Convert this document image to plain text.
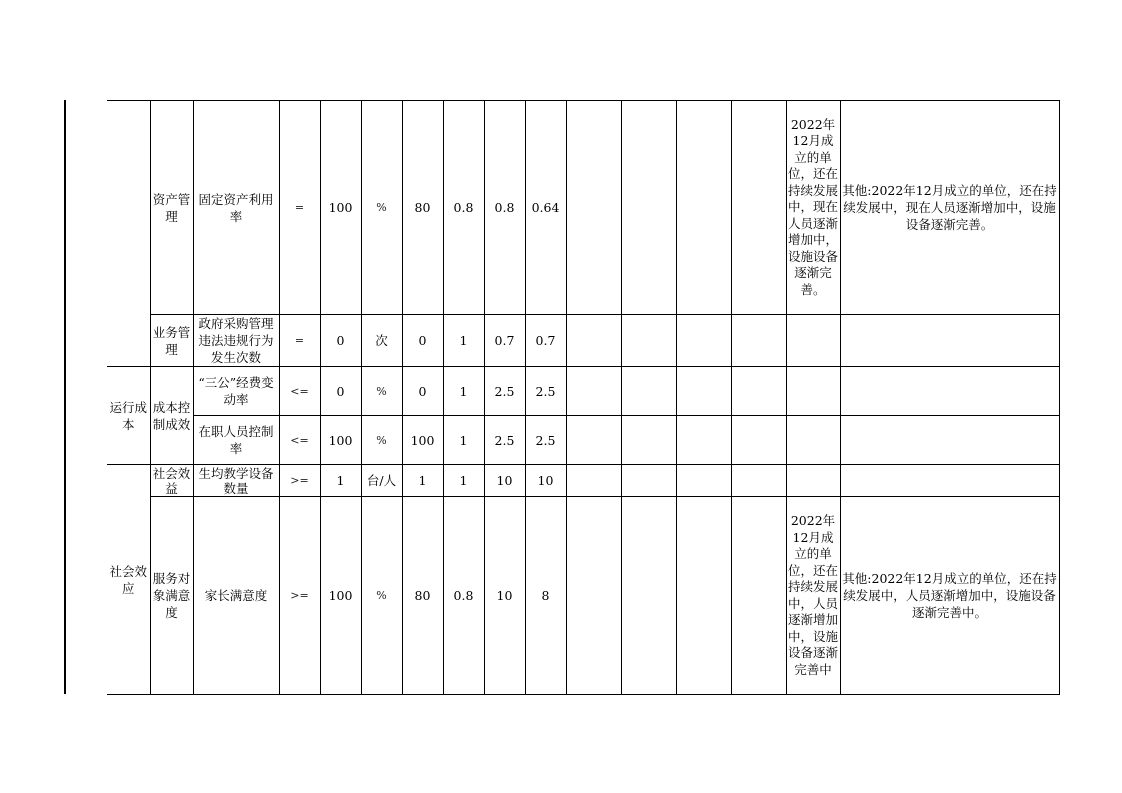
	资产管理	固定资产利用率	=	100	%	80	0.8	0.8	0.64					2022年12月成立的单位，还在持续发展中，现在人员逐渐增加中，设施设备逐渐完善。	其他:2022年12月成立的单位，还在持续发展中，现在人员逐渐增加中，设施设备逐渐完善。
	业务管理	政府采购管理违法违规行为发生次数	=	0	次	0	1	0.7	0.7						
运行成本	成本控制成效	“三公”经费变动率	<=	0	%	0	1	2.5	2.5						
		在职人员控制率	<=	100	%	100	1	2.5	2.5						
社会效应	社会效益	生均教学设备数量	>=	1	台/人	1	1	10	10						
	服务对象满意度	家长满意度	>=	100	%	80	0.8	10	8					2022年12月成立的单位，还在持续发展中，人员逐渐增加中，设施设备逐渐完善中	其他:2022年12月成立的单位，还在持续发展中，人员逐渐增加中，设施设备逐渐完善中。
